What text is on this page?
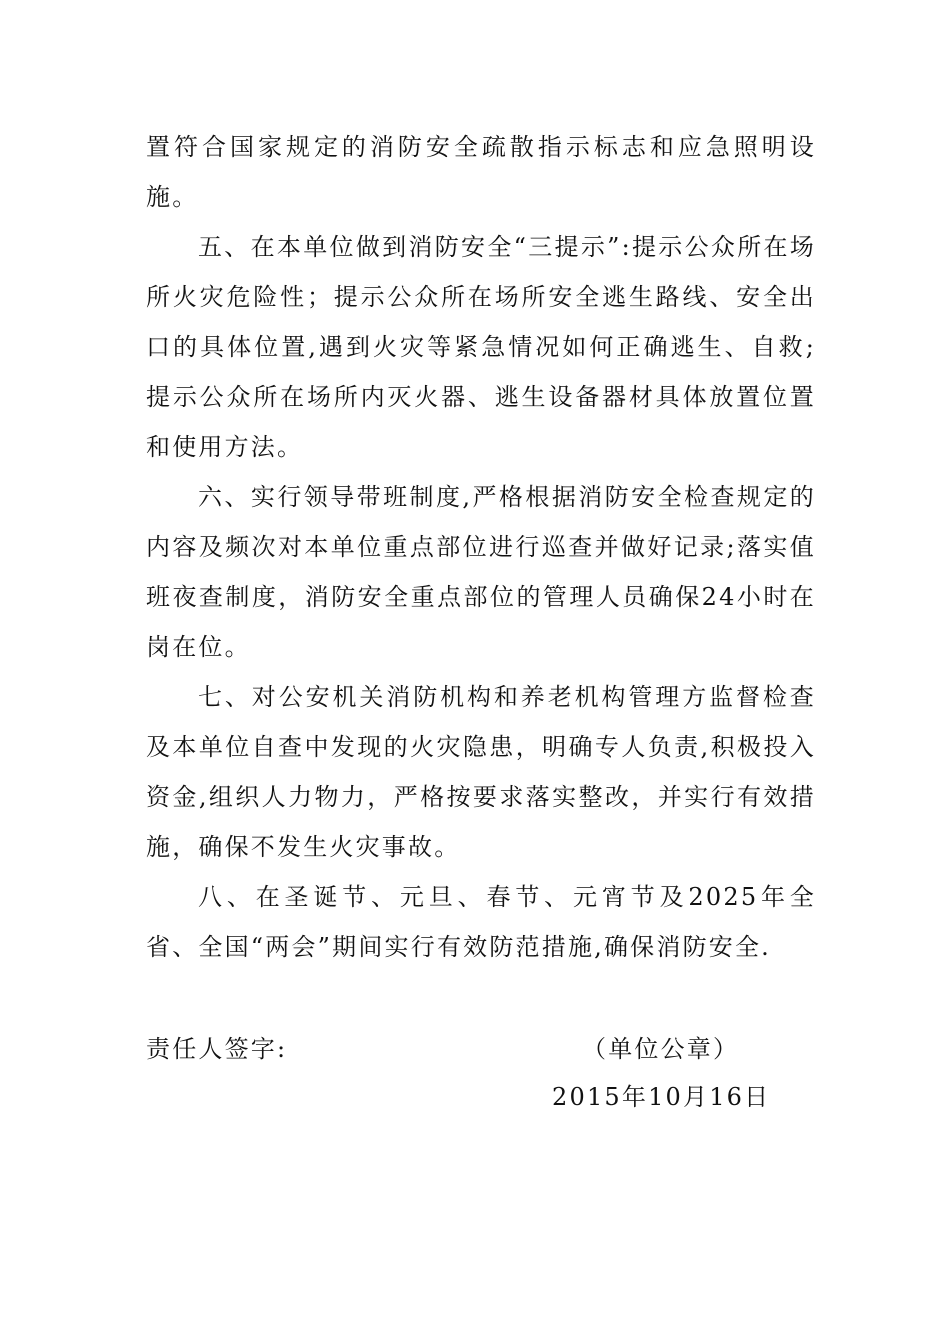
置符合国家规定的消防安全疏散指示标志和应急照明设施。

五、在本单位做到消防安全“三提示”:提示公众所在场所火灾危险性；提示公众所在场所安全逃生路线、安全出口的具体位置,遇到火灾等紧急情况如何正确逃生、自救;提示公众所在场所内灭火器、逃生设备器材具体放置位置和使用方法。

六、实行领导带班制度,严格根据消防安全检查规定的内容及频次对本单位重点部位进行巡查并做好记录;落实值班夜查制度，消防安全重点部位的管理人员确保24小时在岗在位。

七、对公安机关消防机构和养老机构管理方监督检查及本单位自查中发现的火灾隐患，明确专人负责,积极投入资金,组织人力物力，严格按要求落实整改，并实行有效措施，确保不发生火灾事故。

八、在圣诞节、元旦、春节、元宵节及2025年全省、全国“两会”期间实行有效防范措施,确保消防安全.

责任人签字:	（单位公章）
2015年10月16日
